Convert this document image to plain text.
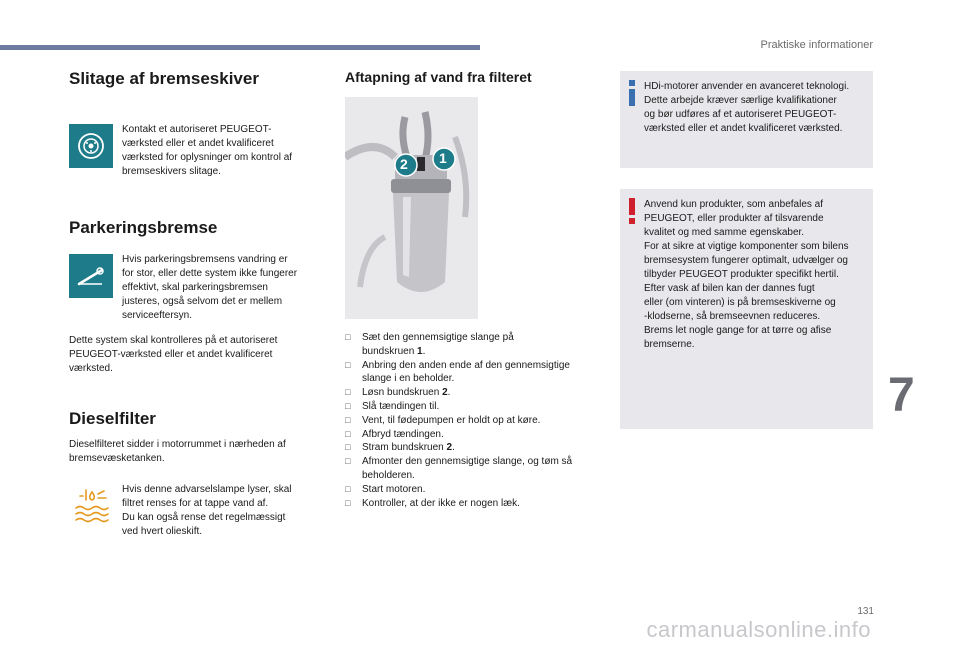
Praktiske informationer
Slitage af bremseskiver
Kontakt et autoriseret PEUGEOT-
værksted eller et andet kvalificeret
værksted for oplysninger om kontrol af
bremseskivers slitage.
Parkeringsbremse
Hvis parkeringsbremsens vandring er
for stor, eller dette system ikke fungerer
effektivt, skal parkeringsbremsen
justeres, også selvom det er mellem
serviceeftersyn.
Dette system skal kontrolleres på et autoriseret
PEUGEOT-værksted eller et andet kvalificeret
værksted.
Dieselfilter
Dieselfilteret sidder i motorrummet i nærheden af
bremsevæsketanken.
Hvis denne advarselslampe lyser, skal
filtret renses for at tappe vand af.
Du kan også rense det regelmæssigt
ved hvert olieskift.
Aftapning af vand fra filteret
2 1
□ Sæt den gennemsigtige slange på
bundskruen 1.
□ Anbring den anden ende af den gennemsigtige
slange i en beholder.
□ Løsn bundskruen 2.
□ Slå tændingen til.
□ Vent, til fødepumpen er holdt op at køre.
□ Afbryd tændingen.
□ Stram bundskruen 2.
□ Afmonter den gennemsigtige slange, og tøm så
beholderen.
□ Start motoren.
□ Kontroller, at der ikke er nogen læk.
HDi-motorer anvender en avanceret teknologi.
Dette arbejde kræver særlige kvalifikationer
og bør udføres af et autoriseret PEUGEOT-
værksted eller et andet kvalificeret værksted.
Anvend kun produkter, som anbefales af
PEUGEOT, eller produkter af tilsvarende
kvalitet og med samme egenskaber.
For at sikre at vigtige komponenter som bilens
bremsesystem fungerer optimalt, udvælger og
tilbyder PEUGEOT produkter specifikt hertil.
Efter vask af bilen kan der dannes fugt
eller (om vinteren) is på bremseskiverne og
-klodserne, så bremseevnen reduceres.
Brems let nogle gange for at tørre og afise
bremserne.
7
131
carmanualsonline.info
